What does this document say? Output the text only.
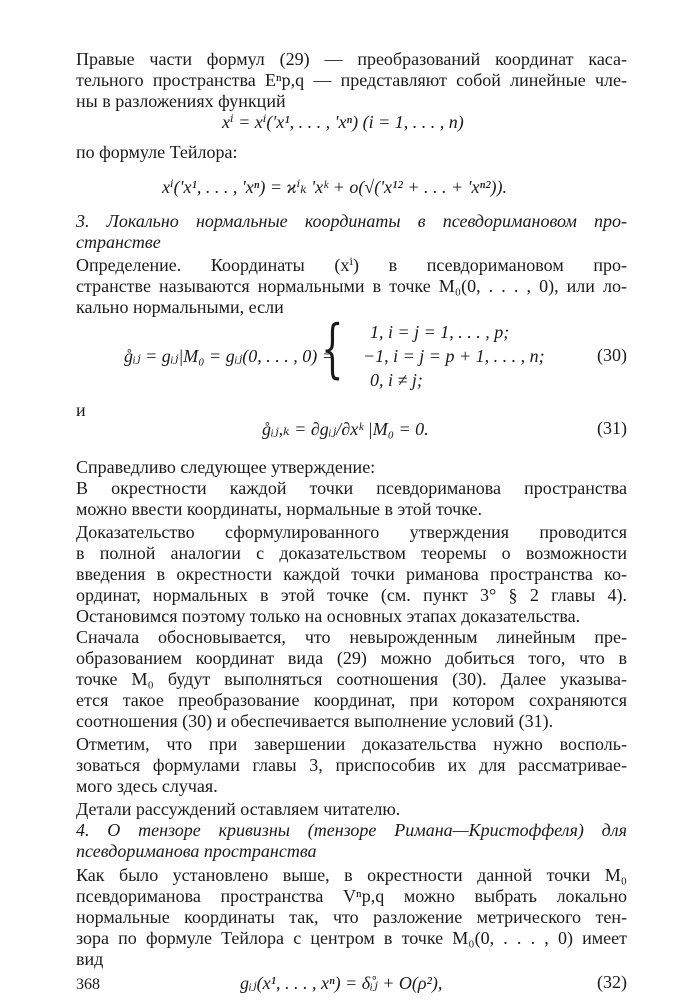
Правые части формул (29) — преобразований координат каса-
тельного пространства Eⁿp,q — представляют собой линейные чле-
ны в разложениях функций
xⁱ = xⁱ('x¹, . . . , 'xⁿ) (i = 1, . . . , n)
по формуле Тейлора:
xⁱ('x¹, . . . , 'xⁿ) = ϰⁱₖ 'xᵏ + o(√('x¹² + . . . + 'xⁿ²)).
3. Локально нормальные координаты в псевдоримановом про-
странстве
Определение. Координаты (xⁱ) в псевдоримановом про-
странстве называются нормальными в точке M₀(0, . . . , 0), или ло-
кально нормальными, если
g̊ᵢⱼ = gᵢⱼ|M₀ = gᵢⱼ(0, . . . , 0) =
{ 1, i = j = 1, . . . , p;
−1, i = j = p + 1, . . . , n;
0, i ≠ j;
(30)
и
g̊ᵢⱼ,ₖ = ∂gᵢⱼ/∂xᵏ |M₀ = 0.	(31)
Справедливо следующее утверждение:
В окрестности каждой точки псевдориманова пространства
можно ввести координаты, нормальные в этой точке.
Доказательство сформулированного утверждения проводится
в полной аналогии с доказательством теоремы о возможности
введения в окрестности каждой точки риманова пространства ко-
ординат, нормальных в этой точке (см. пункт 3° § 2 главы 4).
Остановимся поэтому только на основных этапах доказательства.
Сначала обосновывается, что невырожденным линейным пре-
образованием координат вида (29) можно добиться того, что в
точке M₀ будут выполняться соотношения (30). Далее указыва-
ется такое преобразование координат, при котором сохраняются
соотношения (30) и обеспечивается выполнение условий (31).
Отметим, что при завершении доказательства нужно восполь-
зоваться формулами главы 3, приспособив их для рассматривае-
мого здесь случая.
Детали рассуждений оставляем читателю.
4. О тензоре кривизны (тензоре Римана—Кристоффеля) для
псевдориманова пространства
Как было установлено выше, в окрестности данной точки M₀
псевдориманова пространства Vⁿp,q можно выбрать локально
нормальные координаты так, что разложение метрического тен-
зора по формуле Тейлора с центром в точке M₀(0, . . . , 0) имеет
вид
gᵢⱼ(x¹, . . . , xⁿ) = δ̊ᵢⱼ + O(ρ²),	(32)
368
